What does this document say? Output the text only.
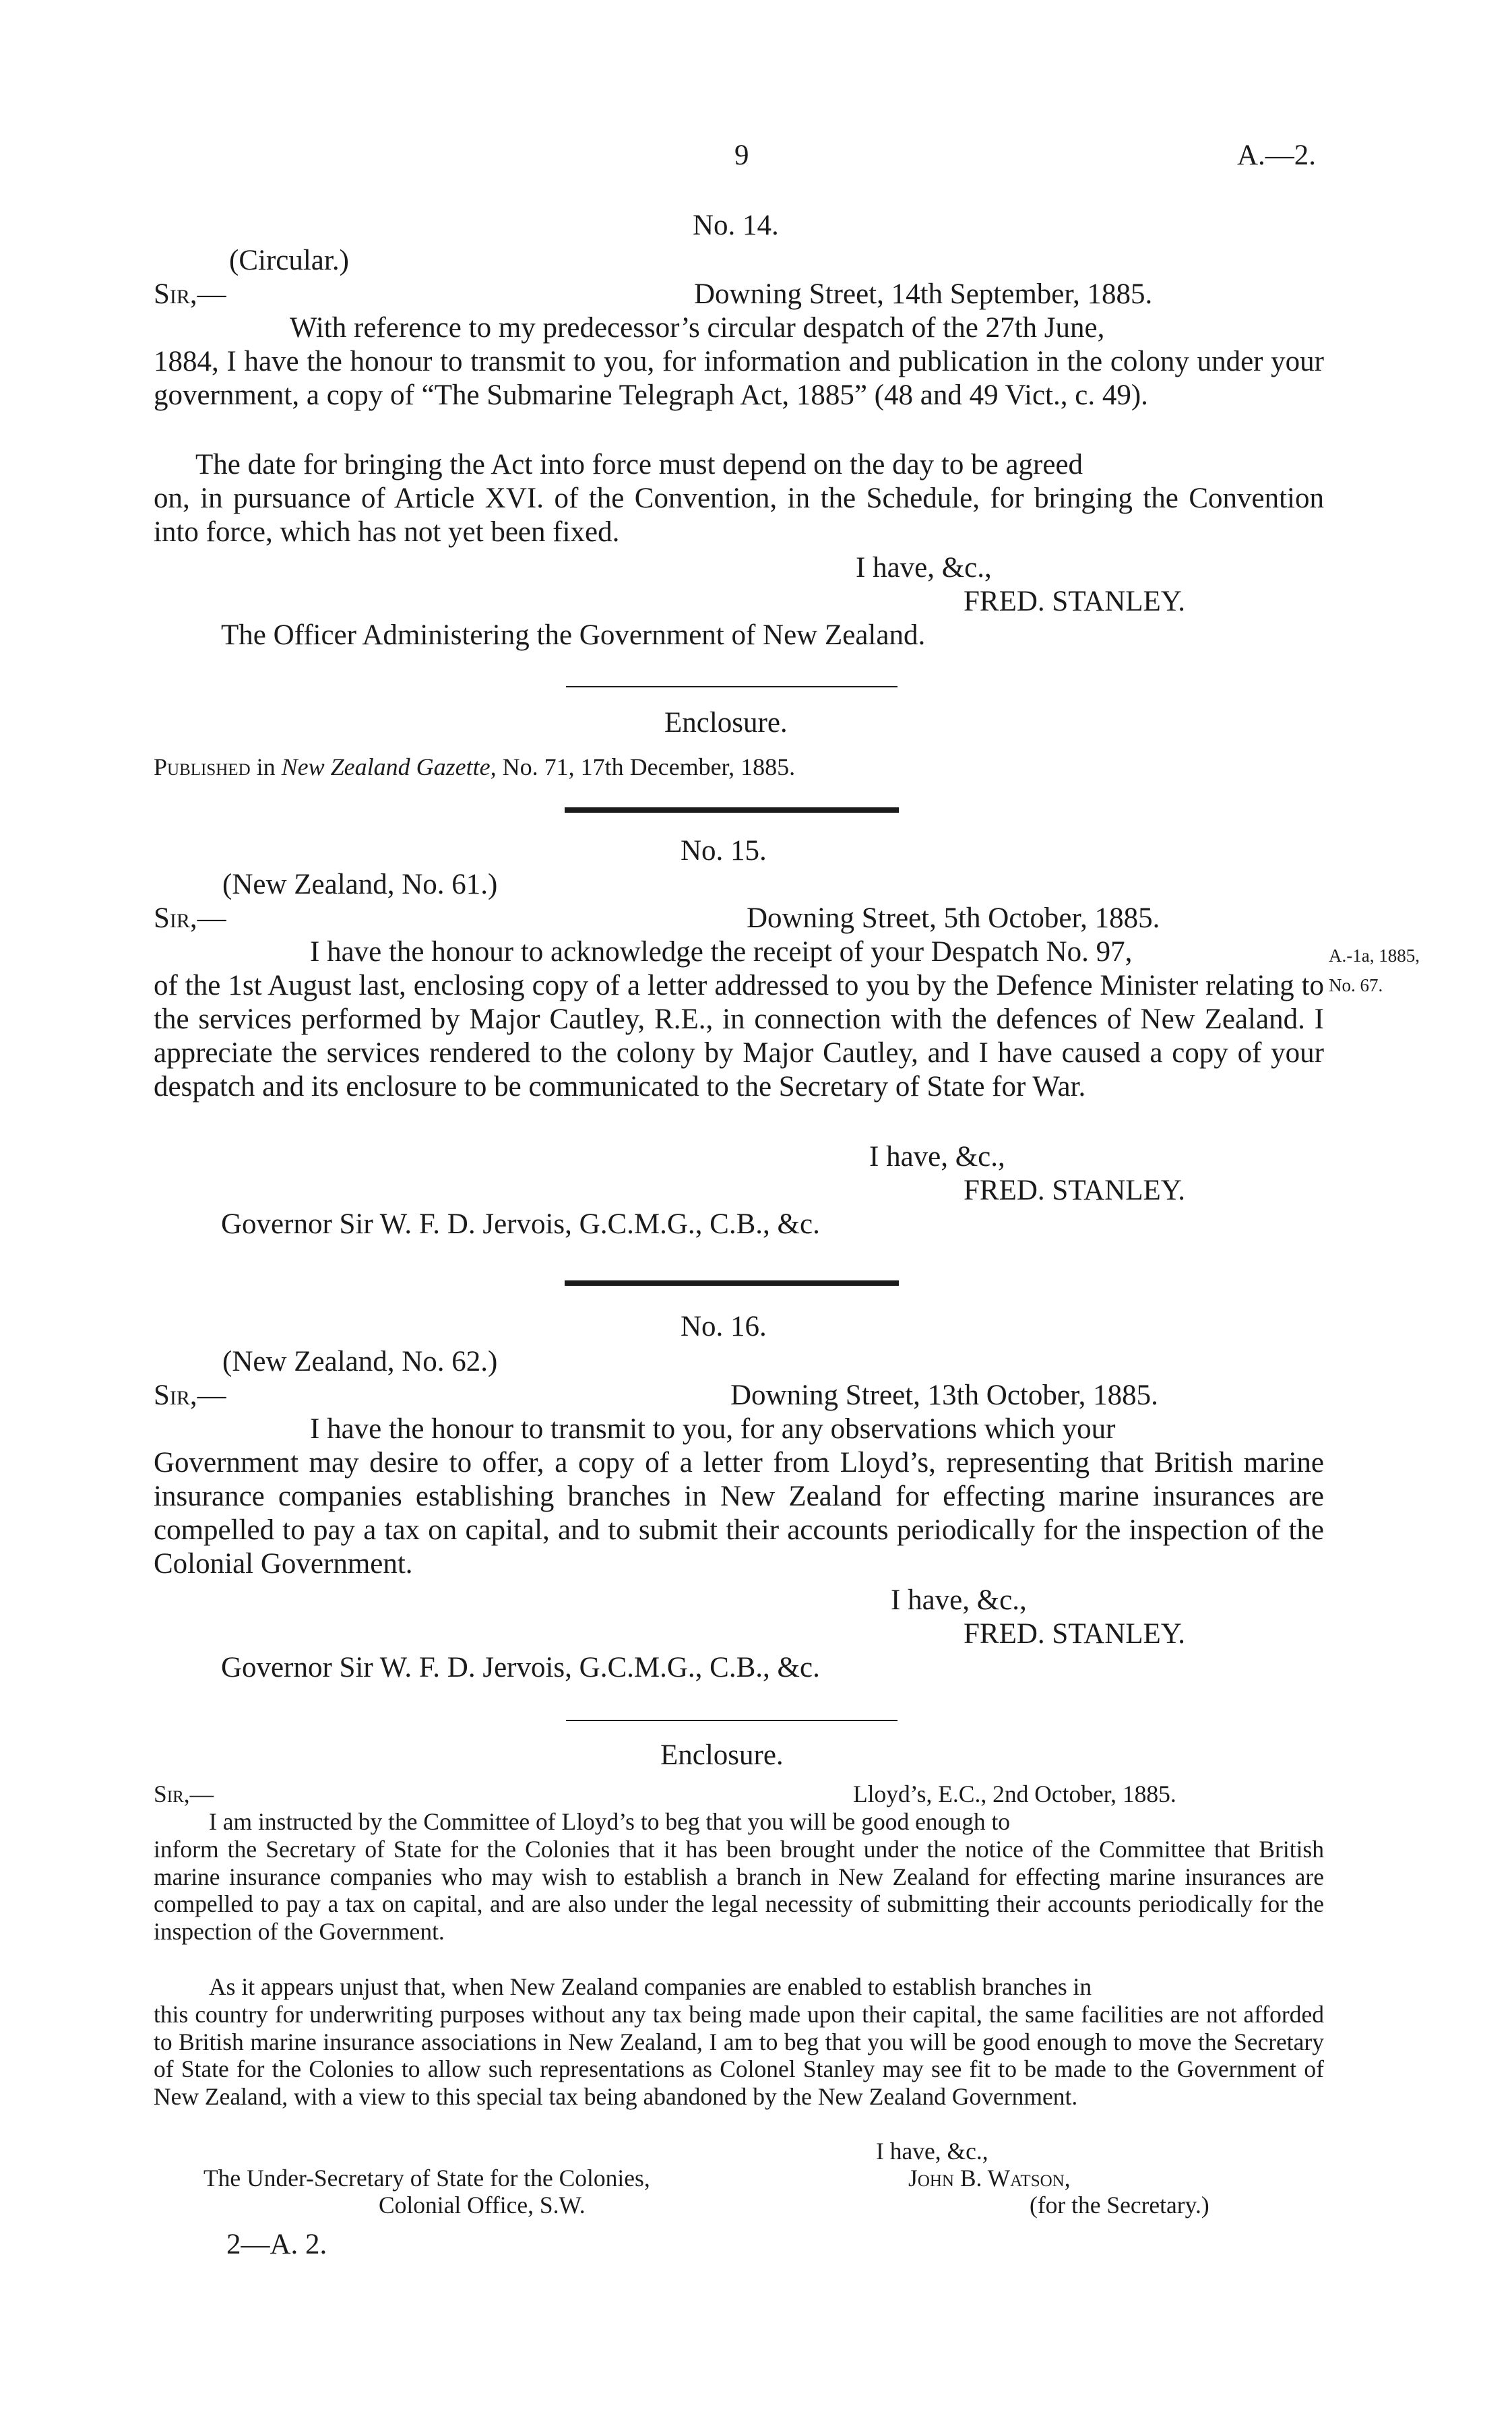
9	A.—2.
No. 14.
(Circular.)
Sir,—	Downing Street, 14th September, 1885.
With reference to my predecessor’s circular despatch of the 27th June,
1884, I have the honour to transmit to you, for information and publication in the colony under your government, a copy of “The Submarine Telegraph Act, 1885” (48 and 49 Vict., c. 49).
The date for bringing the Act into force must depend on the day to be agreed
on, in pursuance of Article XVI. of the Convention, in the Schedule, for bringing the Convention into force, which has not yet been fixed.
I have, &c.,
FRED. STANLEY.
The Officer Administering the Government of New Zealand.
Enclosure.
Published in New Zealand Gazette, No. 71, 17th December, 1885.
No. 15.
(New Zealand, No. 61.)
Sir,—	Downing Street, 5th October, 1885.
I have the honour to acknowledge the receipt of your Despatch No. 97,
of the 1st August last, enclosing copy of a letter addressed to you by the Defence Minister relating to the services performed by Major Cautley, R.E., in connection with the defences of New Zealand. I appreciate the services rendered to the colony by Major Cautley, and I have caused a copy of your despatch and its enclosure to be communicated to the Secretary of State for War.
A.-1a, 1885,
No. 67.
I have, &c.,
FRED. STANLEY.
Governor Sir W. F. D. Jervois, G.C.M.G., C.B., &c.
No. 16.
(New Zealand, No. 62.)
Sir,—	Downing Street, 13th October, 1885.
I have the honour to transmit to you, for any observations which your
Government may desire to offer, a copy of a letter from Lloyd’s, representing that British marine insurance companies establishing branches in New Zealand for effecting marine insurances are compelled to pay a tax on capital, and to submit their accounts periodically for the inspection of the Colonial Government.
I have, &c.,
FRED. STANLEY.
Governor Sir W. F. D. Jervois, G.C.M.G., C.B., &c.
Enclosure.
Sir,—	Lloyd’s, E.C., 2nd October, 1885.
I am instructed by the Committee of Lloyd’s to beg that you will be good enough to
inform the Secretary of State for the Colonies that it has been brought under the notice of the Committee that British marine insurance companies who may wish to establish a branch in New Zealand for effecting marine insurances are compelled to pay a tax on capital, and are also under the legal necessity of submitting their accounts periodically for the inspection of the Government.
As it appears unjust that, when New Zealand companies are enabled to establish branches in
this country for underwriting purposes without any tax being made upon their capital, the same facilities are not afforded to British marine insurance associations in New Zealand, I am to beg that you will be good enough to move the Secretary of State for the Colonies to allow such representations as Colonel Stanley may see fit to be made to the Government of New Zealand, with a view to this special tax being abandoned by the New Zealand Government.
I have, &c.,
The Under-Secretary of State for the Colonies,	John B. Watson,
Colonial Office, S.W.	(for the Secretary.)
2—A. 2.
